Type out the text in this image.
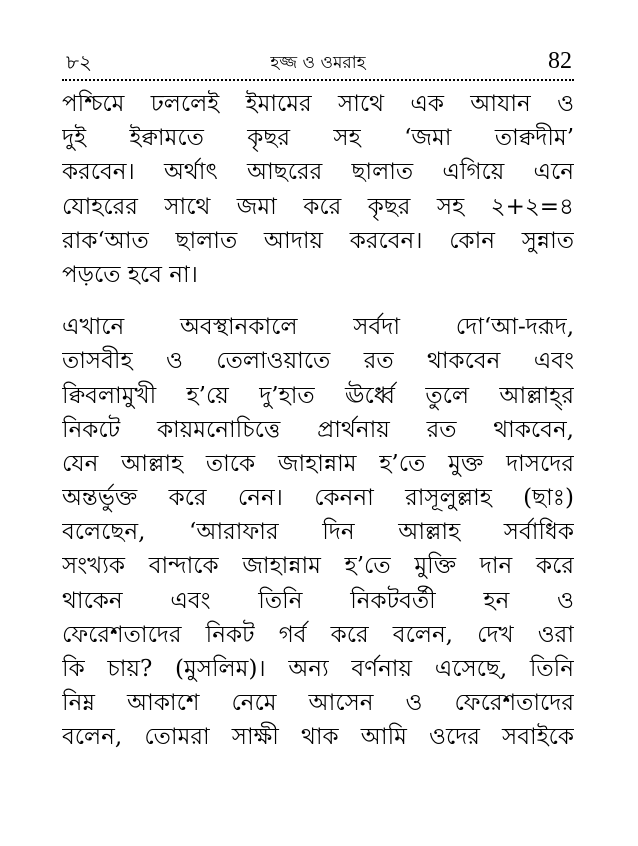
৮২	হজ্জ ও ওমরাহ	82
পশ্চিমে ঢললেই ইমামের সাথে এক আযান ও
দুই ইক্বামতে কৃছর সহ ‘জমা তাক্বদীম’
করবেন। অর্থাৎ আছরের ছালাত এগিয়ে এনে
যোহরের সাথে জমা করে কৃছর সহ ২+২=৪
রাক‘আত ছালাত আদায় করবেন। কোন সুন্নাত
পড়তে হবে না।
এখানে অবস্থানকালে সর্বদা দো‘আ-দরূদ,
তাসবীহ ও তেলাওয়াতে রত থাকবেন এবং
ক্বিবলামুখী হ’য়ে দু’হাত ঊর্ধ্বে তুলে আল্লাহ্‌র
নিকটে কায়মনোচিত্তে প্রার্থনায় রত থাকবেন,
যেন আল্লাহ তাকে জাহান্নাম হ’তে মুক্ত দাসদের
অন্তর্ভুক্ত করে নেন। কেননা রাসূলুল্লাহ (ছাঃ)
বলেছেন, ‘আরাফার দিন আল্লাহ সর্বাধিক
সংখ্যক বান্দাকে জাহান্নাম হ’তে মুক্তি দান করে
থাকেন এবং তিনি নিকটবর্তী হন ও
ফেরেশতাদের নিকট গর্ব করে বলেন, দেখ ওরা
কি চায়? (মুসলিম)। অন্য বর্ণনায় এসেছে, তিনি
নিম্ন আকাশে নেমে আসেন ও ফেরেশতাদের
বলেন, তোমরা সাক্ষী থাক আমি ওদের সবাইকে
